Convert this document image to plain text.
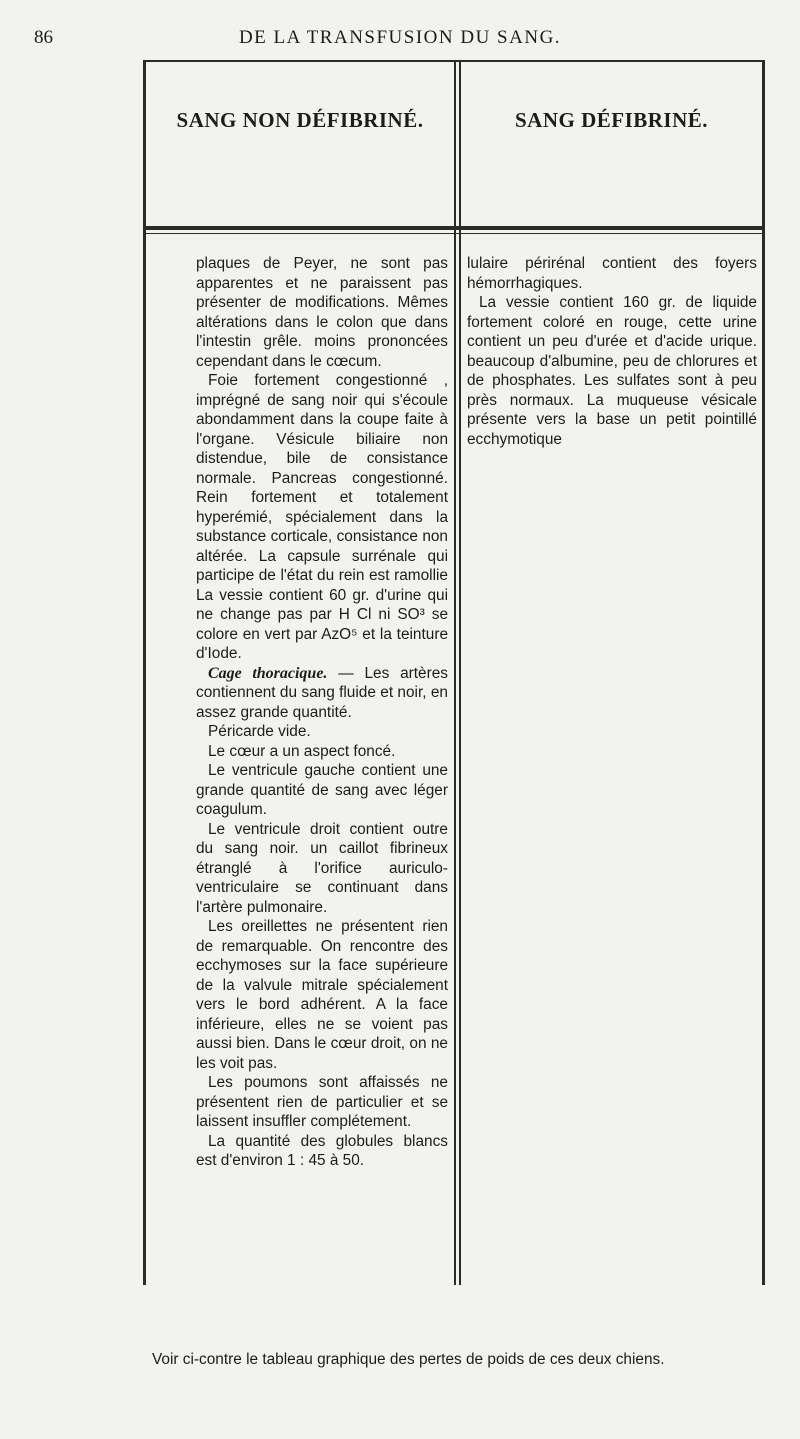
86	DE LA TRANSFUSION DU SANG.
SANG NON DÉFIBRINÉ.	SANG DÉFIBRINÉ.

plaques de Peyer, ne sont pas apparentes et ne paraissent pas présenter de modifications. Mêmes altérations dans le colon que dans l'intestin grêle. moins prononcées cependant dans le cœcum.

Foie fortement congestionné , imprégné de sang noir qui s'écoule abondamment dans la coupe faite à l'organe. Vésicule biliaire non distendue, bile de consistance normale. Pancreas congestionné. Rein fortement et totalement hyperémié, spécialement dans la substance corticale, consistance non altérée. La capsule surrénale qui participe de l'état du rein est ramollie La vessie contient 60 gr. d'urine qui ne change pas par H Cl ni SO³ se colore en vert par AzO⁵ et la teinture d'Iode.

Cage thoracique. — Les artères contiennent du sang fluide et noir, en assez grande quantité.

Péricarde vide.

Le cœur a un aspect foncé.

Le ventricule gauche contient une grande quantité de sang avec léger coagulum.

Le ventricule droit contient outre du sang noir. un caillot fibrineux étranglé à l'orifice auriculo-ventriculaire se continuant dans l'artère pulmonaire.

Les oreillettes ne présentent rien de remarquable. On rencontre des ecchymoses sur la face supérieure de la valvule mitrale spécialement vers le bord adhérent. A la face inférieure, elles ne se voient pas aussi bien. Dans le cœur droit, on ne les voit pas.

Les poumons sont affaissés ne présentent rien de particulier et se laissent insuffler complétement.

La quantité des globules blancs est d'environ 1 : 45 à 50.

lulaire périrénal contient des foyers hémorrhagiques.

La vessie contient 160 gr. de liquide fortement coloré en rouge, cette urine contient un peu d'urée et d'acide urique. beaucoup d'albumine, peu de chlorures et de phosphates. Les sulfates sont à peu près normaux. La muqueuse vésicale présente vers la base un petit pointillé ecchymotique

Voir ci-contre le tableau graphique des pertes de poids de ces deux chiens.
